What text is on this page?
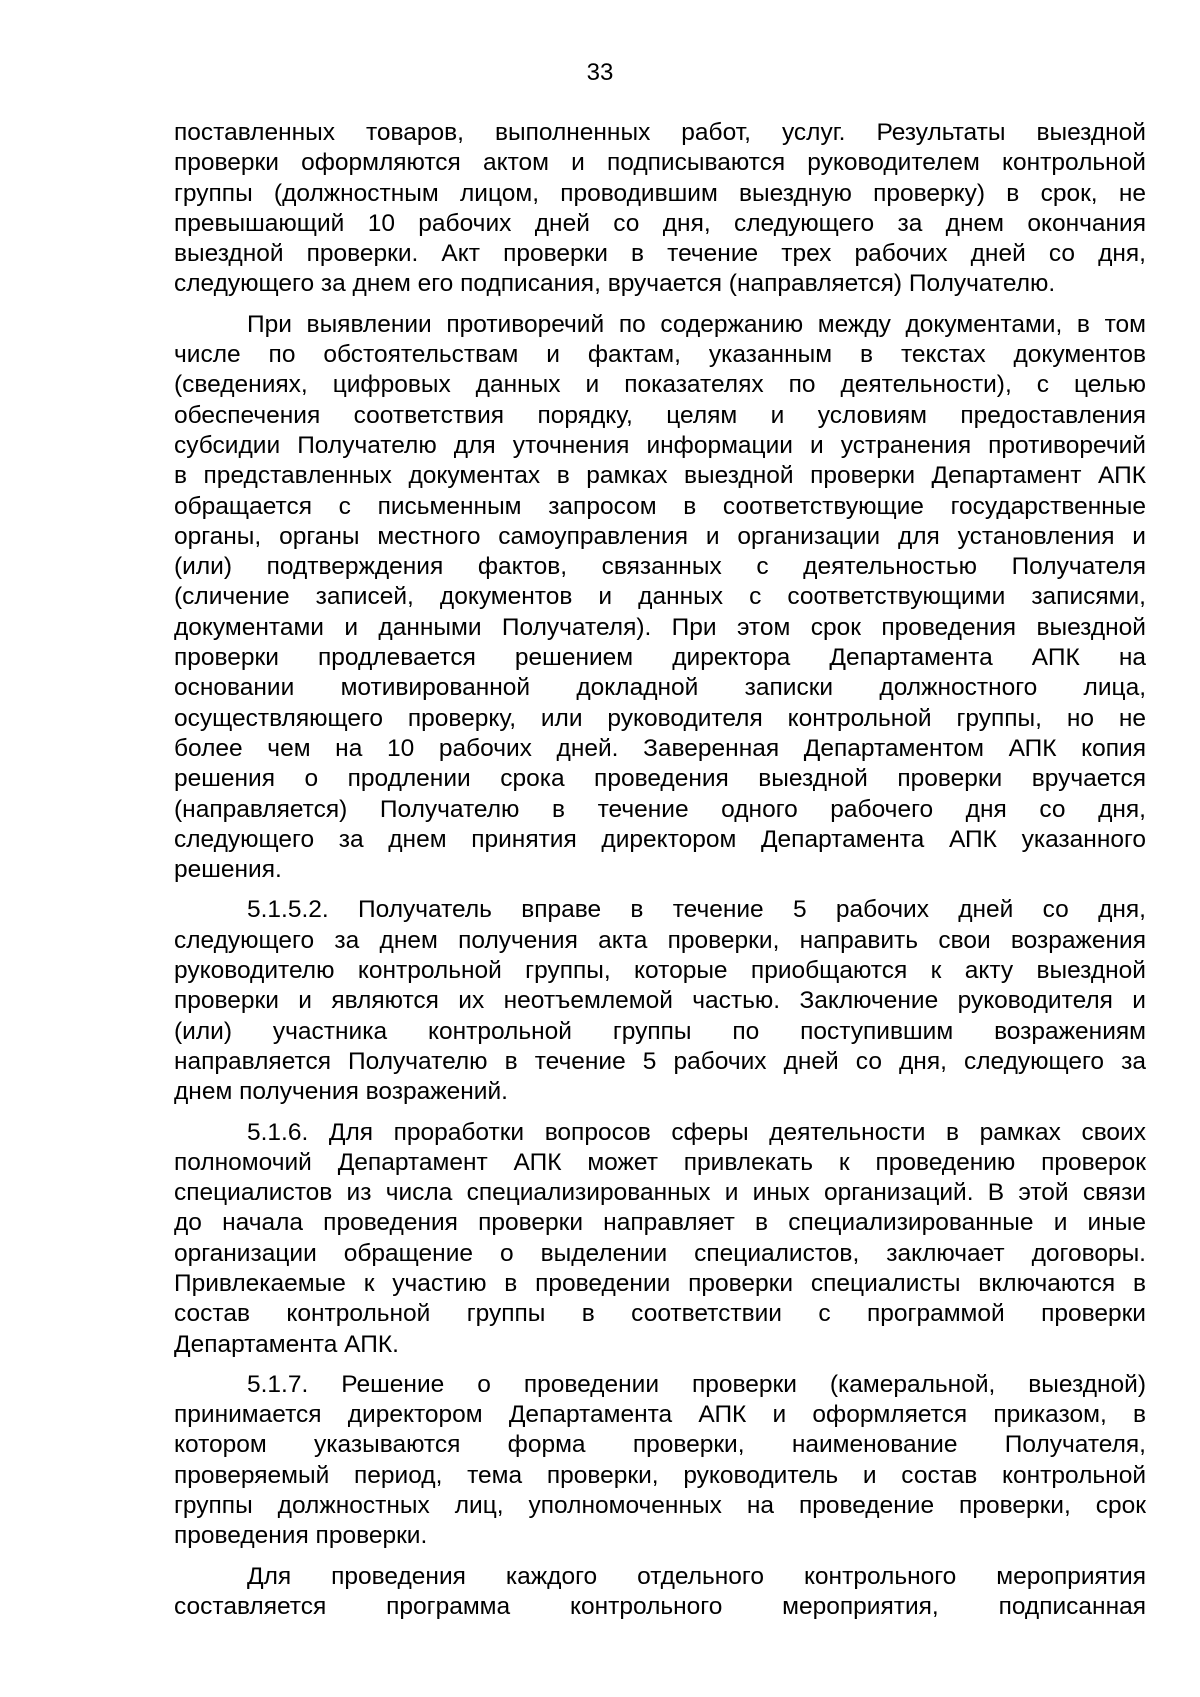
33
поставленных товаров, выполненных работ, услуг. Результаты выездной
проверки оформляются актом и подписываются руководителем контрольной
группы (должностным лицом, проводившим выездную проверку) в срок, не
превышающий 10 рабочих дней со дня, следующего за днем окончания
выездной проверки. Акт проверки в течение трех рабочих дней со дня,
следующего за днем его подписания, вручается (направляется) Получателю.
При выявлении противоречий по содержанию между документами, в том
числе по обстоятельствам и фактам, указанным в текстах документов
(сведениях, цифровых данных и показателях по деятельности), с целью
обеспечения соответствия порядку, целям и условиям предоставления
субсидии Получателю для уточнения информации и устранения противоречий
в представленных документах в рамках выездной проверки Департамент АПК
обращается с письменным запросом в соответствующие государственные
органы, органы местного самоуправления и организации для установления и
(или) подтверждения фактов, связанных с деятельностью Получателя
(сличение записей, документов и данных с соответствующими записями,
документами и данными Получателя). При этом срок проведения выездной
проверки продлевается решением директора Департамента АПК на
основании мотивированной докладной записки должностного лица,
осуществляющего проверку, или руководителя контрольной группы, но не
более чем на 10 рабочих дней. Заверенная Департаментом АПК копия
решения о продлении срока проведения выездной проверки вручается
(направляется) Получателю в течение одного рабочего дня со дня,
следующего за днем принятия директором Департамента АПК указанного
решения.
5.1.5.2. Получатель вправе в течение 5 рабочих дней со дня,
следующего за днем получения акта проверки, направить свои возражения
руководителю контрольной группы, которые приобщаются к акту выездной
проверки и являются их неотъемлемой частью. Заключение руководителя и
(или) участника контрольной группы по поступившим возражениям
направляется Получателю в течение 5 рабочих дней со дня, следующего за
днем получения возражений.
5.1.6. Для проработки вопросов сферы деятельности в рамках своих
полномочий Департамент АПК может привлекать к проведению проверок
специалистов из числа специализированных и иных организаций. В этой связи
до начала проведения проверки направляет в специализированные и иные
организации обращение о выделении специалистов, заключает договоры.
Привлекаемые к участию в проведении проверки специалисты включаются в
состав контрольной группы в соответствии с программой проверки
Департамента АПК.
5.1.7. Решение о проведении проверки (камеральной, выездной)
принимается директором Департамента АПК и оформляется приказом, в
котором указываются форма проверки, наименование Получателя,
проверяемый период, тема проверки, руководитель и состав контрольной
группы должностных лиц, уполномоченных на проведение проверки, срок
проведения проверки.
Для проведения каждого отдельного контрольного мероприятия
составляется программа контрольного мероприятия, подписанная
